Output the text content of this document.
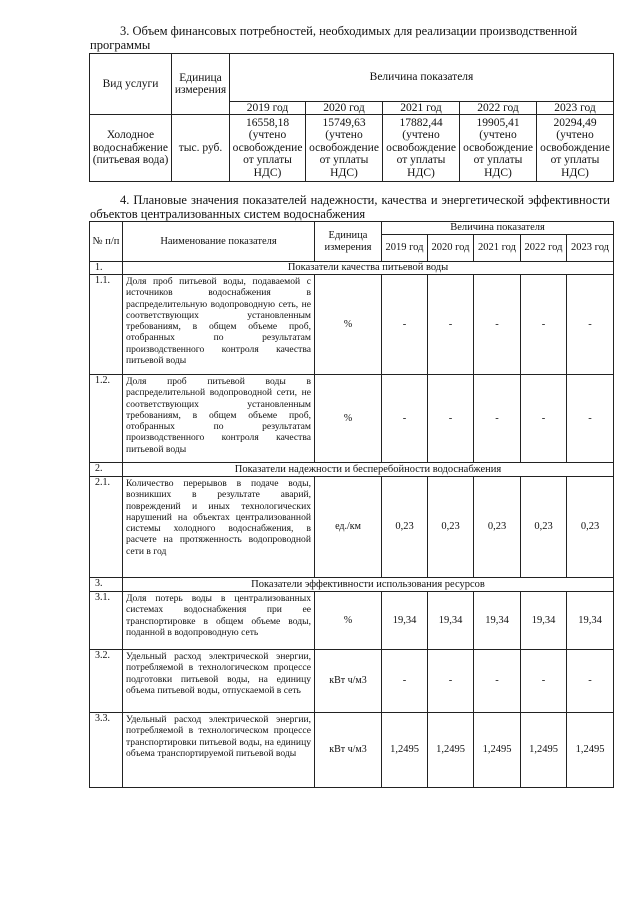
3. Объем финансовых потребностей, необходимых для реализации производственной программы

Вид услуги	Единица измерения	Величина показателя				
		2019 год	2020 год	2021 год	2022 год	2023 год
Холодное водоснабжение (питьевая вода)	тыс. руб.	16558,18 (учтено освобождение от уплаты НДС)	15749,63 (учтено освобождение от уплаты НДС)	17882,44 (учтено освобождение от уплаты НДС)	19905,41 (учтено освобождение от уплаты НДС)	20294,49 (учтено освобождение от уплаты НДС)

4. Плановые значения показателей надежности, качества и энергетической эффективности объектов централизованных систем водоснабжения

№ п/п	Наименование показателя	Единица измерения	Величина показателя				
			2019 год	2020 год	2021 год	2022 год	2023 год
1.	Показатели качества питьевой воды						
1.1.	Доля проб питьевой воды, подаваемой с источников водоснабжения в распределительную водопроводную сеть, не соответствующих установленным требованиям, в общем объеме проб, отобранных по результатам производственного контроля качества питьевой воды	%	-	-	-	-	-
1.2.	Доля проб питьевой воды в распределительной водопроводной сети, не соответствующих установленным требованиям, в общем объеме проб, отобранных по результатам производственного контроля качества питьевой воды	%	-	-	-	-	-
2.	Показатели надежности и бесперебойности водоснабжения						
2.1.	Количество перерывов в подаче воды, возникших в результате аварий, повреждений и иных технологических нарушений на объектах централизованной системы холодного водоснабжения, в расчете на протяженность водопроводной сети в год	ед./км	0,23	0,23	0,23	0,23	0,23
3.	Показатели эффективности использования ресурсов						
3.1.	Доля потерь воды в централизованных системах водоснабжения при ее транспортировке в общем объеме воды, поданной в водопроводную сеть	%	19,34	19,34	19,34	19,34	19,34
3.2.	Удельный расход электрической энергии, потребляемой в технологическом процессе подготовки питьевой воды, на единицу объема питьевой воды, отпускаемой в сеть	кВт ч/м3	-	-	-	-	-
3.3.	Удельный расход электрической энергии, потребляемой в технологическом процессе транспортировки питьевой воды, на единицу объема транспортируемой питьевой воды	кВт ч/м3	1,2495	1,2495	1,2495	1,2495	1,2495
